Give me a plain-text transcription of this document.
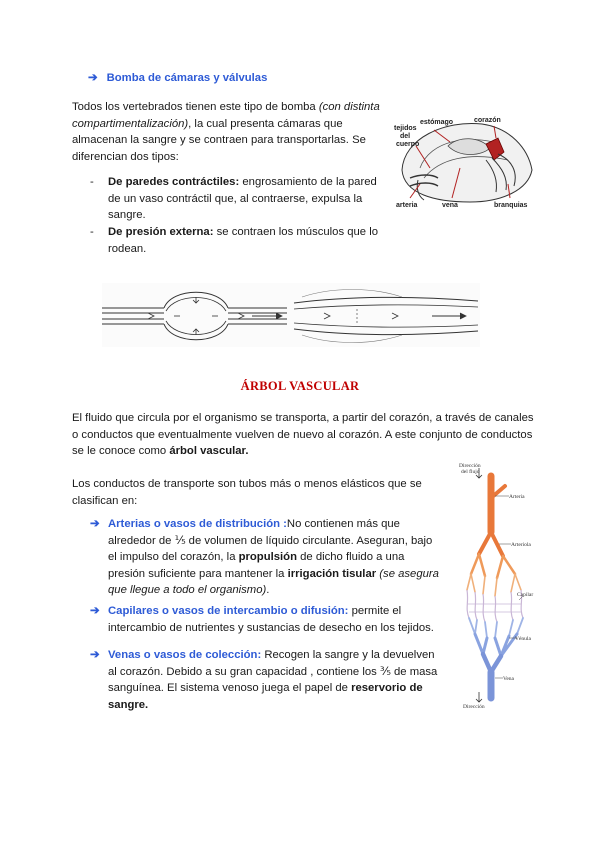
➔ Bomba de cámaras y válvulas
Todos los vertebrados tienen este tipo de bomba (con distinta compartimentalización), la cual presenta cámaras que almacenan la sangre y se contraen para transportarlas. Se diferencian dos tipos:
- De paredes contráctiles: engrosamiento de la pared de un vaso contráctil que, al contraerse, expulsa la sangre.
- De presión externa: se contraen los músculos que lo rodean.
estómago	corazón
tejidos
del
cuerpo
arteria	vena	branquias
ÁRBOL VASCULAR
El fluido que circula por el organismo se transporta, a partir del corazón, a través de canales o conductos que eventualmente vuelven de nuevo al corazón. A este conjunto de conductos se le conoce como árbol vascular.
Los conductos de transporte son tubos más o menos elásticos que se clasifican en:
➔ Arterias o vasos de distribución :No contienen más que alrededor de ⅕ de volumen de líquido circulante. Aseguran, bajo el impulso del corazón, la propulsión de dicho fluido a una presión suficiente para mantener la irrigación tisular (se asegura que llegue a todo el organismo).
➔ Capilares o vasos de intercambio o difusión: permite el intercambio de nutrientes y sustancias de desecho en los tejidos.
➔ Venas o vasos de colección: Recogen la sangre y la devuelven al corazón. Debido a su gran capacidad , contiene los ⅗ de masa sanguínea. El sistema venoso juega el papel de reservorio de sangre.
Dirección
del flujo
Arteria
Arteriola
Capilar
Vénula
Vena
Dirección
